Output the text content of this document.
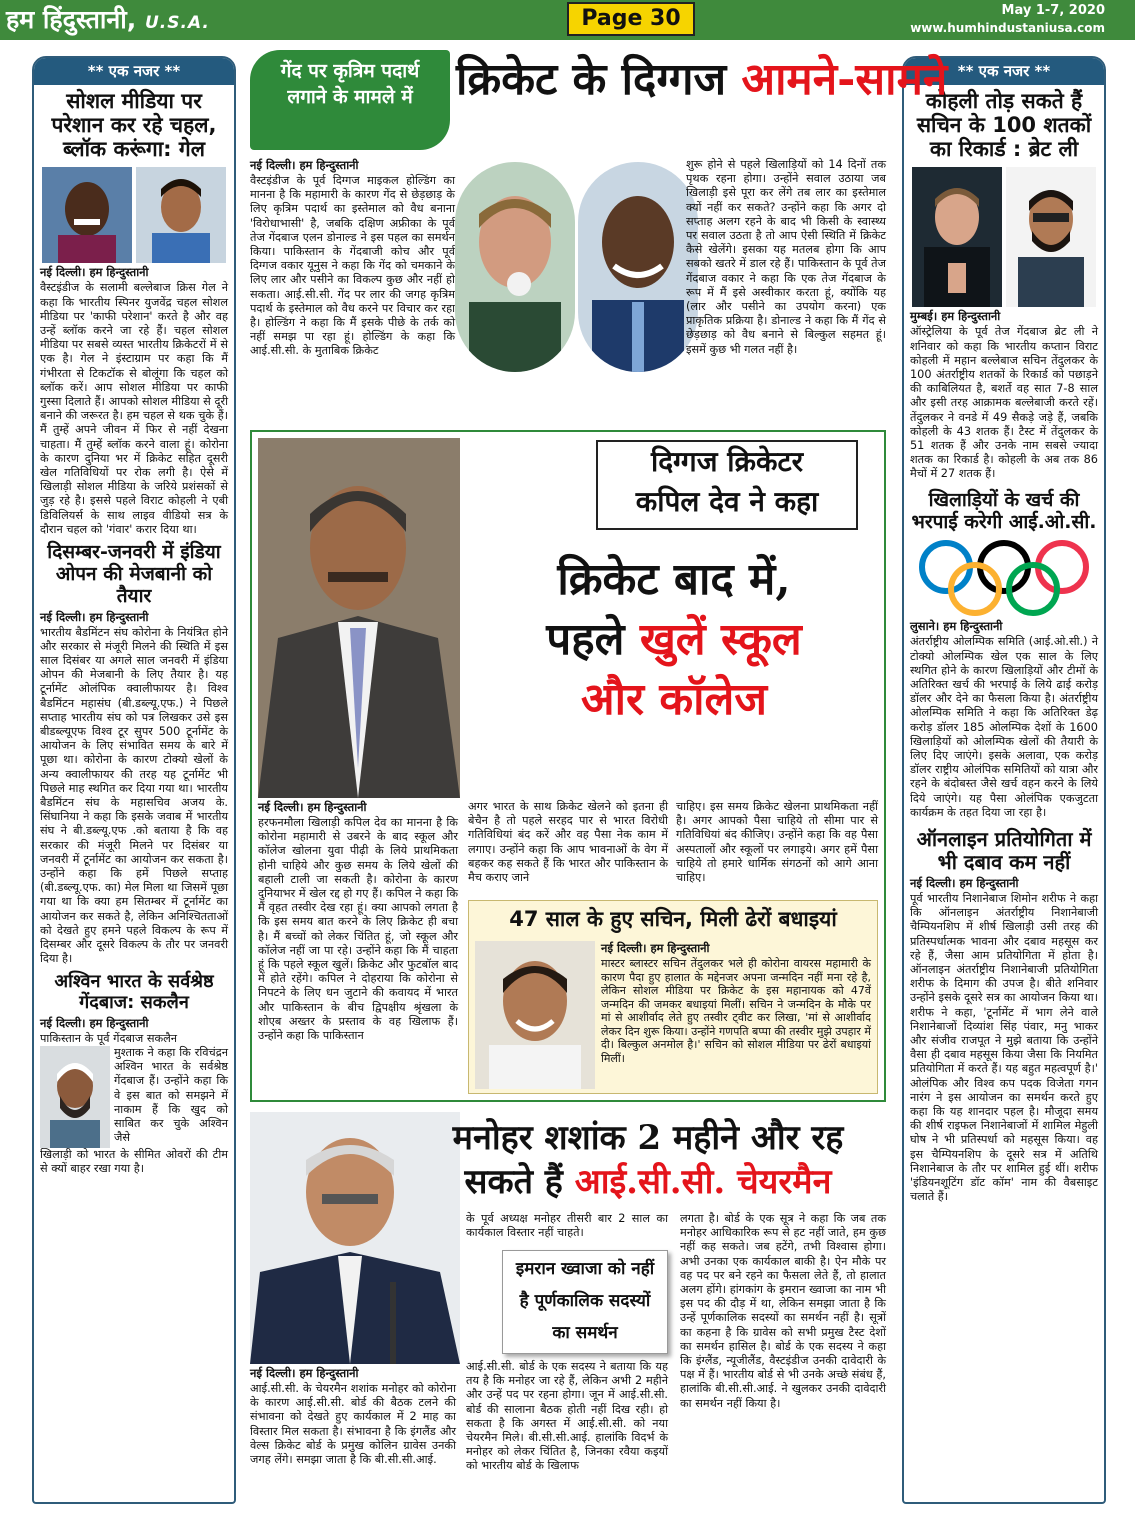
हम हिंदुस्तानी, U.S.A.	Page 30	May 1-7, 2020
www.humhindustaniusa.com
** एक नजर **

सोशल मीडिया पर परेशान कर रहे चहल, ब्लॉक करूंगा: गेल

नई दिल्ली। हम हिन्दुस्तानी

वैस्टइंडीज के सलामी बल्लेबाज क्रिस गेल ने कहा कि भारतीय स्पिनर युजवेंद्र चहल सोशल मीडिया पर 'काफी परेशान' करते है और वह उन्हें ब्लॉक करने जा रहे हैं। चहल सोशल मीडिया पर सबसे व्यस्त भारतीय क्रिकेटरों में से एक है। गेल ने इंस्टाग्राम पर कहा कि मैं गंभीरता से टिकटॉक से बोलूंगा कि चहल को ब्लॉक करें। आप सोशल मीडिया पर काफी गुस्सा दिलाते हैं। आपको सोशल मीडिया से दूरी बनाने की जरूरत है। हम चहल से थक चुके हैं। मैं तुम्हें अपने जीवन में फिर से नहीं देखना चाहता। मैं तुम्हें ब्लॉक करने वाला हूं। कोरोना के कारण दुनिया भर में क्रिकेट सहित दूसरी खेल गतिविधियों पर रोक लगी है। ऐसे में खिलाड़ी सोशल मीडिया के जरिये प्रशंसकों से जुड़ रहे है। इससे पहले विराट कोहली ने एबी डिविलियर्स के साथ लाइव वीडियो सत्र के दौरान चहल को 'गंवार' करार दिया था।

दिसम्बर-जनवरी में इंडिया ओपन की मेजबानी को तैयार

नई दिल्ली। हम हिन्दुस्तानी

भारतीय बैडमिंटन संघ कोरोना के नियंत्रित होने और सरकार से मंजूरी मिलने की स्थिति में इस साल दिसंबर या अगले साल जनवरी में इंडिया ओपन की मेजबानी के लिए तैयार है। यह टूर्नामेंट ओलंपिक क्वालीफायर है। विश्व बैडमिंटन महासंघ (बी.डब्ल्यू.एफ.) ने पिछले सप्ताह भारतीय संघ को पत्र लिखकर उसे इस बीडब्ल्यूएफ विश्व टूर सुपर 500 टूर्नामेंट के आयोजन के लिए संभावित समय के बारे में पूछा था। कोरोना के कारण टोक्यो खेलों के अन्य क्वालीफायर की तरह यह टूर्नामेंट भी पिछले माह स्थगित कर दिया गया था। भारतीय बैडमिंटन संघ के महासचिव अजय के. सिंघानिया ने कहा कि इसके जवाब में भारतीय संघ ने बी.डब्ल्यू.एफ .को बताया है कि वह सरकार की मंजूरी मिलने पर दिसंबर या जनवरी में टूर्नामेंट का आयोजन कर सकता है। उन्होंने कहा कि हमें पिछले सप्ताह (बी.डब्ल्यू.एफ. का) मेल मिला था जिसमें पूछा गया था कि क्या हम सितम्बर में टूर्नामेंट का आयोजन कर सकते है, लेकिन अनिश्चितताओं को देखते हुए हमने पहले विकल्प के रूप में दिसम्बर और दूसरे विकल्प के तौर पर जनवरी दिया है।

अश्विन भारत के सर्वश्रेष्ठ गेंदबाज: सकलैन

नई दिल्ली। हम हिन्दुस्तानी

पाकिस्तान के पूर्व गेंदबाज सकलैन

मुश्ताक ने कहा कि रविचंद्रन अश्विन भारत के सर्वश्रेष्ठ गेंदबाज हैं। उन्होंने कहा कि वे इस बात को समझने में नाकाम हैं कि खुद को साबित कर चुके अश्विन जैसे

खिलाड़ी को भारत के सीमित ओवरों की टीम से क्यों बाहर रखा गया है।

** एक नजर **

कोहली तोड़ सकते हैं सचिन के 100 शतकों का रिकार्ड : ब्रेट ली

मुम्बई। हम हिन्दुस्तानी

ऑस्ट्रेलिया के पूर्व तेज गेंदबाज ब्रेट ली ने शनिवार को कहा कि भारतीय कप्तान विराट कोहली में महान बल्लेबाज सचिन तेंदुलकर के 100 अंतर्राष्ट्रीय शतकों के रिकार्ड को पछाड़ने की काबिलियत है, बशर्ते वह सात 7-8 साल और इसी तरह आक्रामक बल्लेबाजी करते रहें। तेंदुलकर ने वनडे में 49 सैकड़े जड़े हैं, जबकि कोहली के 43 शतक हैं। टैस्ट में तेंदुलकर के 51 शतक हैं और उनके नाम सबसे ज्यादा शतक का रिकार्ड है। कोहली के अब तक 86 मैचों में 27 शतक हैं।

खिलाड़ियों के खर्च की भरपाई करेगी आई.ओ.सी.

लुसाने। हम हिन्दुस्तानी

अंतर्राष्ट्रीय ओलम्पिक समिति (आई.ओ.सी.) ने टोक्यो ओलम्पिक खेल एक साल के लिए स्थगित होने के कारण खिलाड़ियों और टीमों के अतिरिक्त खर्च की भरपाई के लिये ढाई करोड़ डॉलर और देने का फैसला किया है। अंतर्राष्ट्रीय ओलम्पिक समिति ने कहा कि अतिरिक्त डेढ़ करोड़ डॉलर 185 ओलम्पिक देशों के 1600 खिलाड़ियों को ओलम्पिक खेलों की तैयारी के लिए दिए जाएंगे। इसके अलावा, एक करोड़ डॉलर राष्ट्रीय ओलंपिक समितियों को यात्रा और रहने के बंदोबस्त जैसे खर्च वहन करने के लिये दिये जाएंगे। यह पैसा ओलंपिक एकजुटता कार्यक्रम के तहत दिया जा रहा है।

ऑनलाइन प्रतियोगिता में भी दबाव कम नहीं

नई दिल्ली। हम हिन्दुस्तानी

पूर्व भारतीय निशानेबाज शिमोन शरीफ ने कहा कि ऑनलाइन अंतर्राष्ट्रीय निशानेबाजी चैम्पियनशिप में शीर्ष खिलाड़ी उसी तरह की प्रतिस्पर्धात्मक भावना और दबाव महसूस कर रहे हैं, जैसा आम प्रतियोगिता में होता है। ऑनलाइन अंतर्राष्ट्रीय निशानेबाजी प्रतियोगिता शरीफ के दिमाग की उपज है। बीते शनिवार उन्होंने इसके दूसरे सत्र का आयोजन किया था। शरीफ ने कहा, 'टूर्नामेंट में भाग लेने वाले निशानेबाजों दिव्यांश सिंह पंवार, मनु भाकर और संजीव राजपूत ने मुझे बताया कि उन्होंने वैसा ही दबाव महसूस किया जैसा कि नियमित प्रतियोगिता में करते हैं। यह बहुत महत्वपूर्ण है।' ओलंपिक और विश्व कप पदक विजेता गगन नारंग ने इस आयोजन का समर्थन करते हुए कहा कि यह शानदार पहल है। मौजूदा समय की शीर्ष राइफल निशानेबाजों में शामिल मेहुली घोष ने भी प्रतिस्पर्धा को महसूस किया। वह इस चैम्पियनशिप के दूसरे सत्र में अतिथि निशानेबाज के तौर पर शामिल हुई थीं। शरीफ 'इंडियनशूटिंग डॉट कॉम' नाम की वैबसाइट चलाते हैं।

गेंद पर कृत्रिम पदार्थ लगाने के मामले में क्रिकेट के दिग्गज आमने-सामने

नई दिल्ली। हम हिन्दुस्तानी

वैस्टइंडीज के पूर्व दिग्गज माइकल होल्डिंग का मानना है कि महामारी के कारण गेंद से छेड़छाड़ के लिए कृत्रिम पदार्थ का इस्तेमाल को वैध बनाना 'विरोधाभासी' है, जबकि दक्षिण अफ्रीका के पूर्व तेज गेंदबाज एलन डोनाल्ड ने इस पहल का समर्थन किया। पाकिस्तान के गेंदबाजी कोच और पूर्व दिग्गज वकार यूनुस ने कहा कि गेंद को चमकाने के लिए लार और पसीने का विकल्प कुछ और नहीं हो सकता। आई.सी.सी. गेंद पर लार की जगह कृत्रिम पदार्थ के इस्तेमाल को वैध करने पर विचार कर रहा है। होल्डिंग ने कहा कि मैं इसके पीछे के तर्क को नहीं समझ पा रहा हूं। होल्डिंग के कहा कि आई.सी.सी. के मुताबिक क्रिकेट

शुरू होने से पहले खिलाड़ियों को 14 दिनों तक पृथक रहना होगा। उन्होंने सवाल उठाया जब खिलाड़ी इसे पूरा कर लेंगे तब लार का इस्तेमाल क्यों नहीं कर सकते? उन्होंने कहा कि अगर दो सप्ताह अलग रहने के बाद भी किसी के स्वास्थ्य पर सवाल उठता है तो आप ऐसी स्थिति में क्रिकेट कैसे खेलेंगे। इसका यह मतलब होगा कि आप सबको खतरे में डाल रहे हैं। पाकिस्तान के पूर्व तेज गेंदबाज वकार ने कहा कि एक तेज गेंदबाज के रूप में मैं इसे अस्वीकार करता हूं, क्योंकि यह (लार और पसीने का उपयोग करना) एक प्राकृतिक प्रक्रिया है। डोनाल्ड ने कहा कि मैं गेंद से छेड़छाड़ को वैध बनाने से बिल्कुल सहमत हूं। इसमें कुछ भी गलत नहीं है।

दिग्गज क्रिकेटर
कपिल देव ने कहा
क्रिकेट बाद में,
पहले खुलें स्कूल
और कॉलेज

नई दिल्ली। हम हिन्दुस्तानी

हरफनमौला खिलाड़ी कपिल देव का मानना है कि कोरोना महामारी से उबरने के बाद स्कूल और कॉलेज खोलना युवा पीढ़ी के लिये प्राथमिकता होनी चाहिये और कुछ समय के लिये खेलों की बहाली टाली जा सकती है। कोरोना के कारण दुनियाभर में खेल रद्द हो गए हैं। कपिल ने कहा कि मैं वृहत तस्वीर देख रहा हूं। क्या आपको लगता है कि इस समय बात करने के लिए क्रिकेट ही बचा है। मैं बच्चों को लेकर चिंतित हूं, जो स्कूल और कॉलेज नहीं जा पा रहे। उन्होंने कहा कि मैं चाहता हूं कि पहले स्कूल खुलें। क्रिकेट और फुटबॉल बाद में होते रहेंगे। कपिल ने दोहराया कि कोरोना से निपटने के लिए धन जुटाने की कवायद में भारत और पाकिस्तान के बीच द्विपक्षीय श्रृंखला के शोएब अख्तर के प्रस्ताव के वह खिलाफ हैं। उन्होंने कहा कि पाकिस्तान

अगर भारत के साथ क्रिकेट खेलने को इतना ही बेचैन है तो पहले सरहद पार से भारत विरोधी गतिविधियां बंद करें और वह पैसा नेक काम में लगाए। उन्होंने कहा कि आप भावनाओं के वेग में बहकर कह सकते हैं कि भारत और पाकिस्तान के मैच कराए जाने

चाहिए। इस समय क्रिकेट खेलना प्राथमिकता नहीं है। अगर आपको पैसा चाहिये तो सीमा पार से गतिविधियां बंद कीजिए। उन्होंने कहा कि वह पैसा अस्पतालों और स्कूलों पर लगाइये। अगर हमें पैसा चाहिये तो हमारे धार्मिक संगठनों को आगे आना चाहिए।

47 साल के हुए सचिन, मिली ढेरों बधाइयां

नई दिल्ली। हम हिन्दुस्तानी

मास्टर ब्लास्टर सचिन तेंदुलकर भले ही कोरोना वायरस महामारी के कारण पैदा हुए हालात के मद्देनजर अपना जन्मदिन नहीं मना रहे है, लेकिन सोशल मीडिया पर क्रिकेट के इस महानायक को 47वें जन्मदिन की जमकर बधाइयां मिलीं। सचिन ने जन्मदिन के मौके पर मां से आशीर्वाद लेते हुए तस्वीर ट्वीट कर लिखा, 'मां से आशीर्वाद लेकर दिन शुरू किया। उन्होंने गणपति बप्पा की तस्वीर मुझे उपहार में दी। बिल्कुल अनमोल है।' सचिन को सोशल मीडिया पर ढेरों बधाइयां मिलीं।

मनोहर शशांक 2 महीने और रह
सकते हैं आई.सी.सी. चेयरमैन

के पूर्व अध्यक्ष मनोहर तीसरी बार 2 साल का कार्यकाल विस्तार नहीं चाहते।

इमरान ख्वाजा को नहीं है पूर्णकालिक सदस्यों का समर्थन

नई दिल्ली। हम हिन्दुस्तानी

आई.सी.सी. के चेयरमैन शशांक मनोहर को कोरोना के कारण आई.सी.सी. बोर्ड की बैठक टलने की संभावना को देखते हुए कार्यकाल में 2 माह का विस्तार मिल सकता है। संभावना है कि इंगलैंड और वेल्स क्रिकेट बोर्ड के प्रमुख कोलिन ग्रावेस उनकी जगह लेंगे। समझा जाता है कि बी.सी.सी.आई.

आई.सी.सी. बोर्ड के एक सदस्य ने बताया कि यह तय है कि मनोहर जा रहे हैं, लेकिन अभी 2 महीने और उन्हें पद पर रहना होगा। जून में आई.सी.सी. बोर्ड की सालाना बैठक होती नहीं दिख रही। हो सकता है कि अगस्त में आई.सी.सी. को नया चेयरमैन मिले। बी.सी.सी.आई. हालांकि विदर्भ के मनोहर को लेकर चिंतित है, जिनका रवैया कइयों को भारतीय बोर्ड के खिलाफ

लगता है। बोर्ड के एक सूत्र ने कहा कि जब तक मनोहर आधिकारिक रूप से हट नहीं जाते, हम कुछ नहीं कह सकते। जब हटेंगे, तभी विश्वास होगा। अभी उनका एक कार्यकाल बाकी है। ऐन मौके पर वह पद पर बने रहने का फैसला लेते हैं, तो हालात अलग होंगे। हांगकांग के इमरान ख्वाजा का नाम भी इस पद की दौड़ में था, लेकिन समझा जाता है कि उन्हें पूर्णकालिक सदस्यों का समर्थन नहीं है। सूत्रों का कहना है कि ग्रावेस को सभी प्रमुख टैस्ट देशों का समर्थन हासिल है। बोर्ड के एक सदस्य ने कहा कि इंग्लैंड, न्यूजीलैंड, वैस्टइंडीज उनकी दावेदारी के पक्ष में हैं। भारतीय बोर्ड से भी उनके अच्छे संबंध हैं, हालांकि बी.सी.सी.आई. ने खुलकर उनकी दावेदारी का समर्थन नहीं किया है।
